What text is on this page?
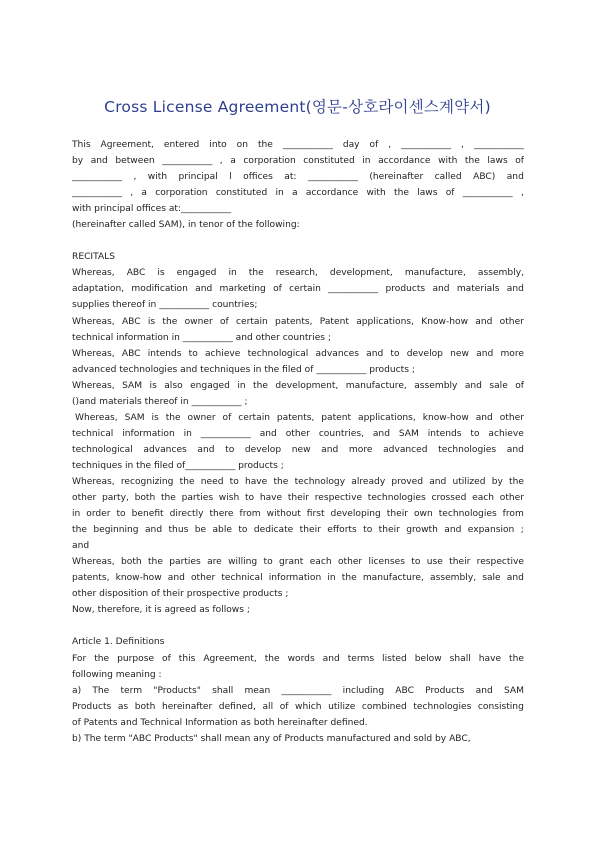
Cross License Agreement(영문-상호라이센스계약서)
This Agreement, entered into on the ___________ day of , ___________ , ___________
by and between ___________ , a corporation constituted in accordance with the laws of
___________ , with principal l offices at: ___________ (hereinafter called ABC) and
___________ , a corporation constituted in a accordance with the laws of ___________ ,
with principal offices at:___________
(hereinafter called SAM), in tenor of the following:
RECITALS
Whereas, ABC is engaged in the research, development, manufacture, assembly,
adaptation, modification and marketing of certain ___________ products and materials and
supplies thereof in ___________ countries;
Whereas, ABC is the owner of certain patents, Patent applications, Know-how and other
technical information in ___________ and other countries ;
Whereas, ABC intends to achieve technological advances and to develop new and more
advanced technologies and techniques in the filed of ___________ products ;
Whereas, SAM is also engaged in the development, manufacture, assembly and sale of
()and materials thereof in ___________ ;
Whereas, SAM is the owner of certain patents, patent applications, know-how and other
technical information in ___________ and other countries, and SAM intends to achieve
technological advances and to develop new and more advanced technologies and
techniques in the filed of___________ products ;
Whereas, recognizing the need to have the technology already proved and utilized by the
other party, both the parties wish to have their respective technologies crossed each other
in order to benefit directly there from without first developing their own technologies from
the beginning and thus be able to dedicate their efforts to their growth and expansion ;
and
Whereas, both the parties are willing to grant each other licenses to use their respective
patents, know-how and other technical information in the manufacture, assembly, sale and
other disposition of their prospective products ;
Now, therefore, it is agreed as follows ;
Article 1. Definitions
For the purpose of this Agreement, the words and terms listed below shall have the
following meaning :
a) The term "Products" shall mean ___________ including ABC Products and SAM
Products as both hereinafter defined, all of which utilize combined technologies consisting
of Patents and Technical Information as both hereinafter defined.
b) The term "ABC Products" shall mean any of Products manufactured and sold by ABC,
